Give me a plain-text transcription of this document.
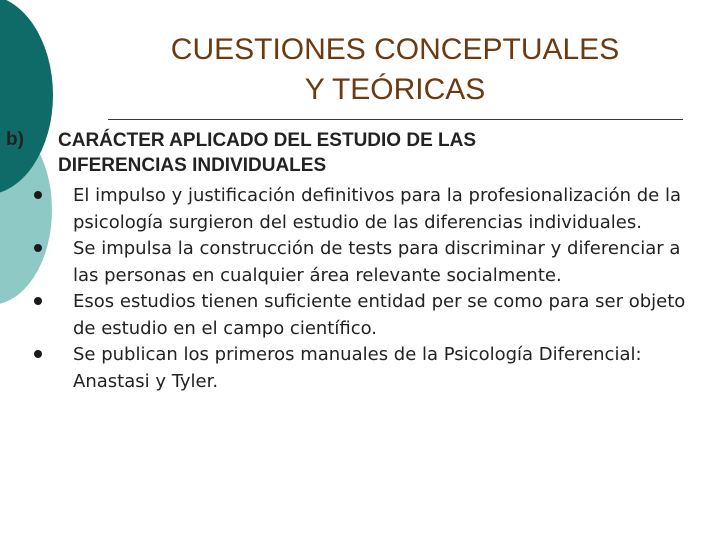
CUESTIONES CONCEPTUALES
Y TEÓRICAS
b) CARÁCTER APLICADO DEL ESTUDIO DE LAS
DIFERENCIAS INDIVIDUALES
El impulso y justificación definitivos para la profesionalización de la psicología surgieron del estudio de las diferencias individuales.
Se impulsa la construcción de tests para discriminar y diferenciar a las personas en cualquier área relevante socialmente.
Esos estudios tienen suficiente entidad per se como para ser objeto de estudio en el campo científico.
Se publican los primeros manuales de la Psicología Diferencial: Anastasi y Tyler.
